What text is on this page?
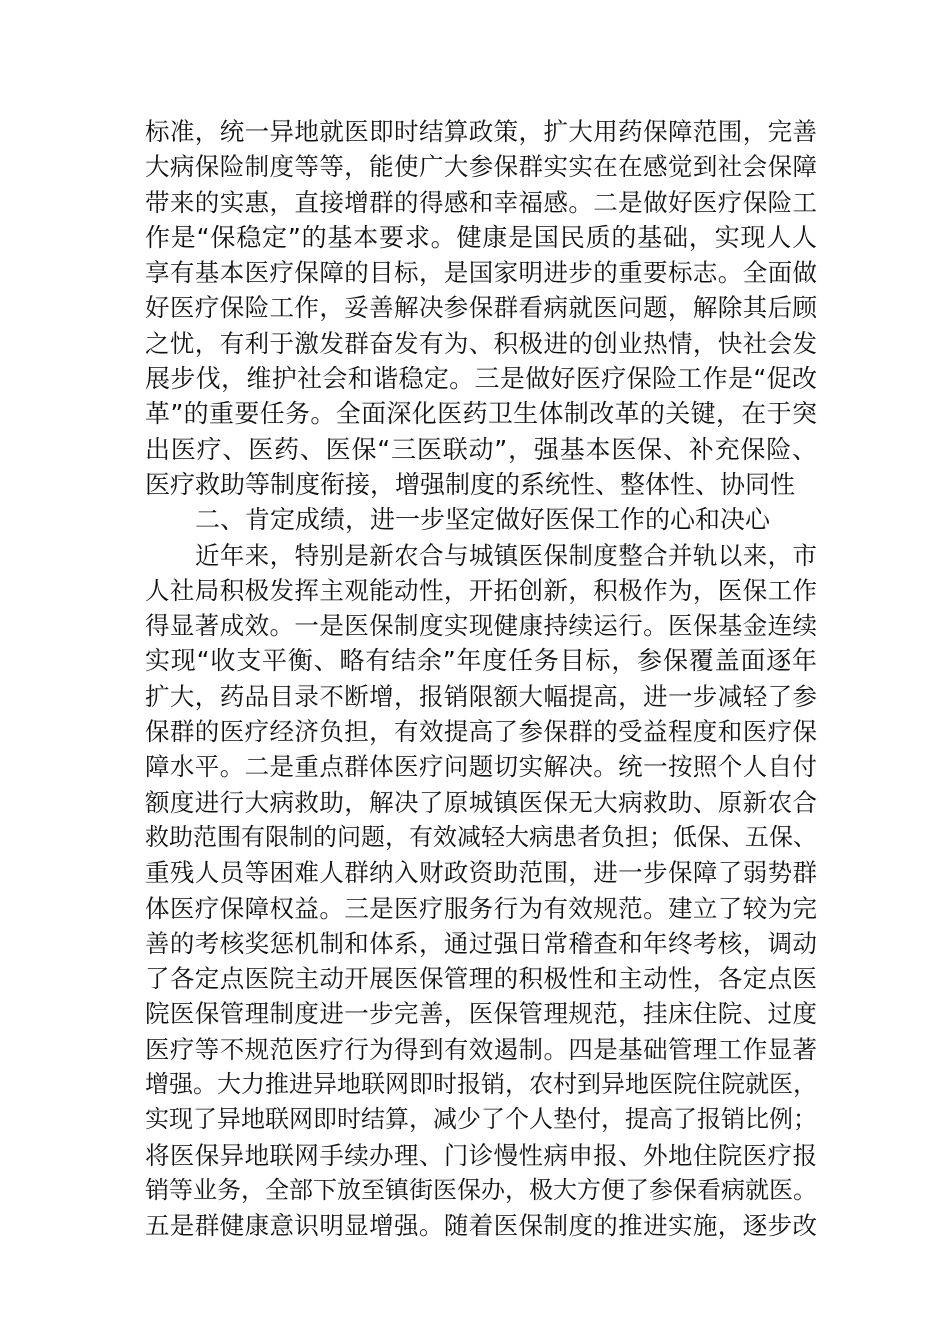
标准，统一异地就医即时结算政策，扩大用药保障范围，完善
大病保险制度等等，能使广大参保群实实在在感觉到社会保障
带来的实惠，直接增群的得感和幸福感。二是做好医疗保险工
作是“保稳定”的基本要求。健康是国民质的基础，实现人人
享有基本医疗保障的目标，是国家明进步的重要标志。全面做
好医疗保险工作，妥善解决参保群看病就医问题，解除其后顾
之忧，有利于激发群奋发有为、积极进的创业热情，快社会发
展步伐，维护社会和谐稳定。三是做好医疗保险工作是“促改
革”的重要任务。全面深化医药卫生体制改革的关键，在于突
出医疗、医药、医保“三医联动”，强基本医保、补充保险、
医疗救助等制度衔接，增强制度的系统性、整体性、协同性
二、肯定成绩，进一步坚定做好医保工作的心和决心
近年来，特别是新农合与城镇医保制度整合并轨以来，市
人社局积极发挥主观能动性，开拓创新，积极作为，医保工作
得显著成效。一是医保制度实现健康持续运行。医保基金连续
实现“收支平衡、略有结余”年度任务目标，参保覆盖面逐年
扩大，药品目录不断增，报销限额大幅提高，进一步减轻了参
保群的医疗经济负担，有效提高了参保群的受益程度和医疗保
障水平。二是重点群体医疗问题切实解决。统一按照个人自付
额度进行大病救助，解决了原城镇医保无大病救助、原新农合
救助范围有限制的问题，有效减轻大病患者负担；低保、五保、
重残人员等困难人群纳入财政资助范围，进一步保障了弱势群
体医疗保障权益。三是医疗服务行为有效规范。建立了较为完
善的考核奖惩机制和体系，通过强日常稽查和年终考核，调动
了各定点医院主动开展医保管理的积极性和主动性，各定点医
院医保管理制度进一步完善，医保管理规范，挂床住院、过度
医疗等不规范医疗行为得到有效遏制。四是基础管理工作显著
增强。大力推进异地联网即时报销，农村到异地医院住院就医，
实现了异地联网即时结算，减少了个人垫付，提高了报销比例；
将医保异地联网手续办理、门诊慢性病申报、外地住院医疗报
销等业务，全部下放至镇街医保办，极大方便了参保看病就医。
五是群健康意识明显增强。随着医保制度的推进实施，逐步改
